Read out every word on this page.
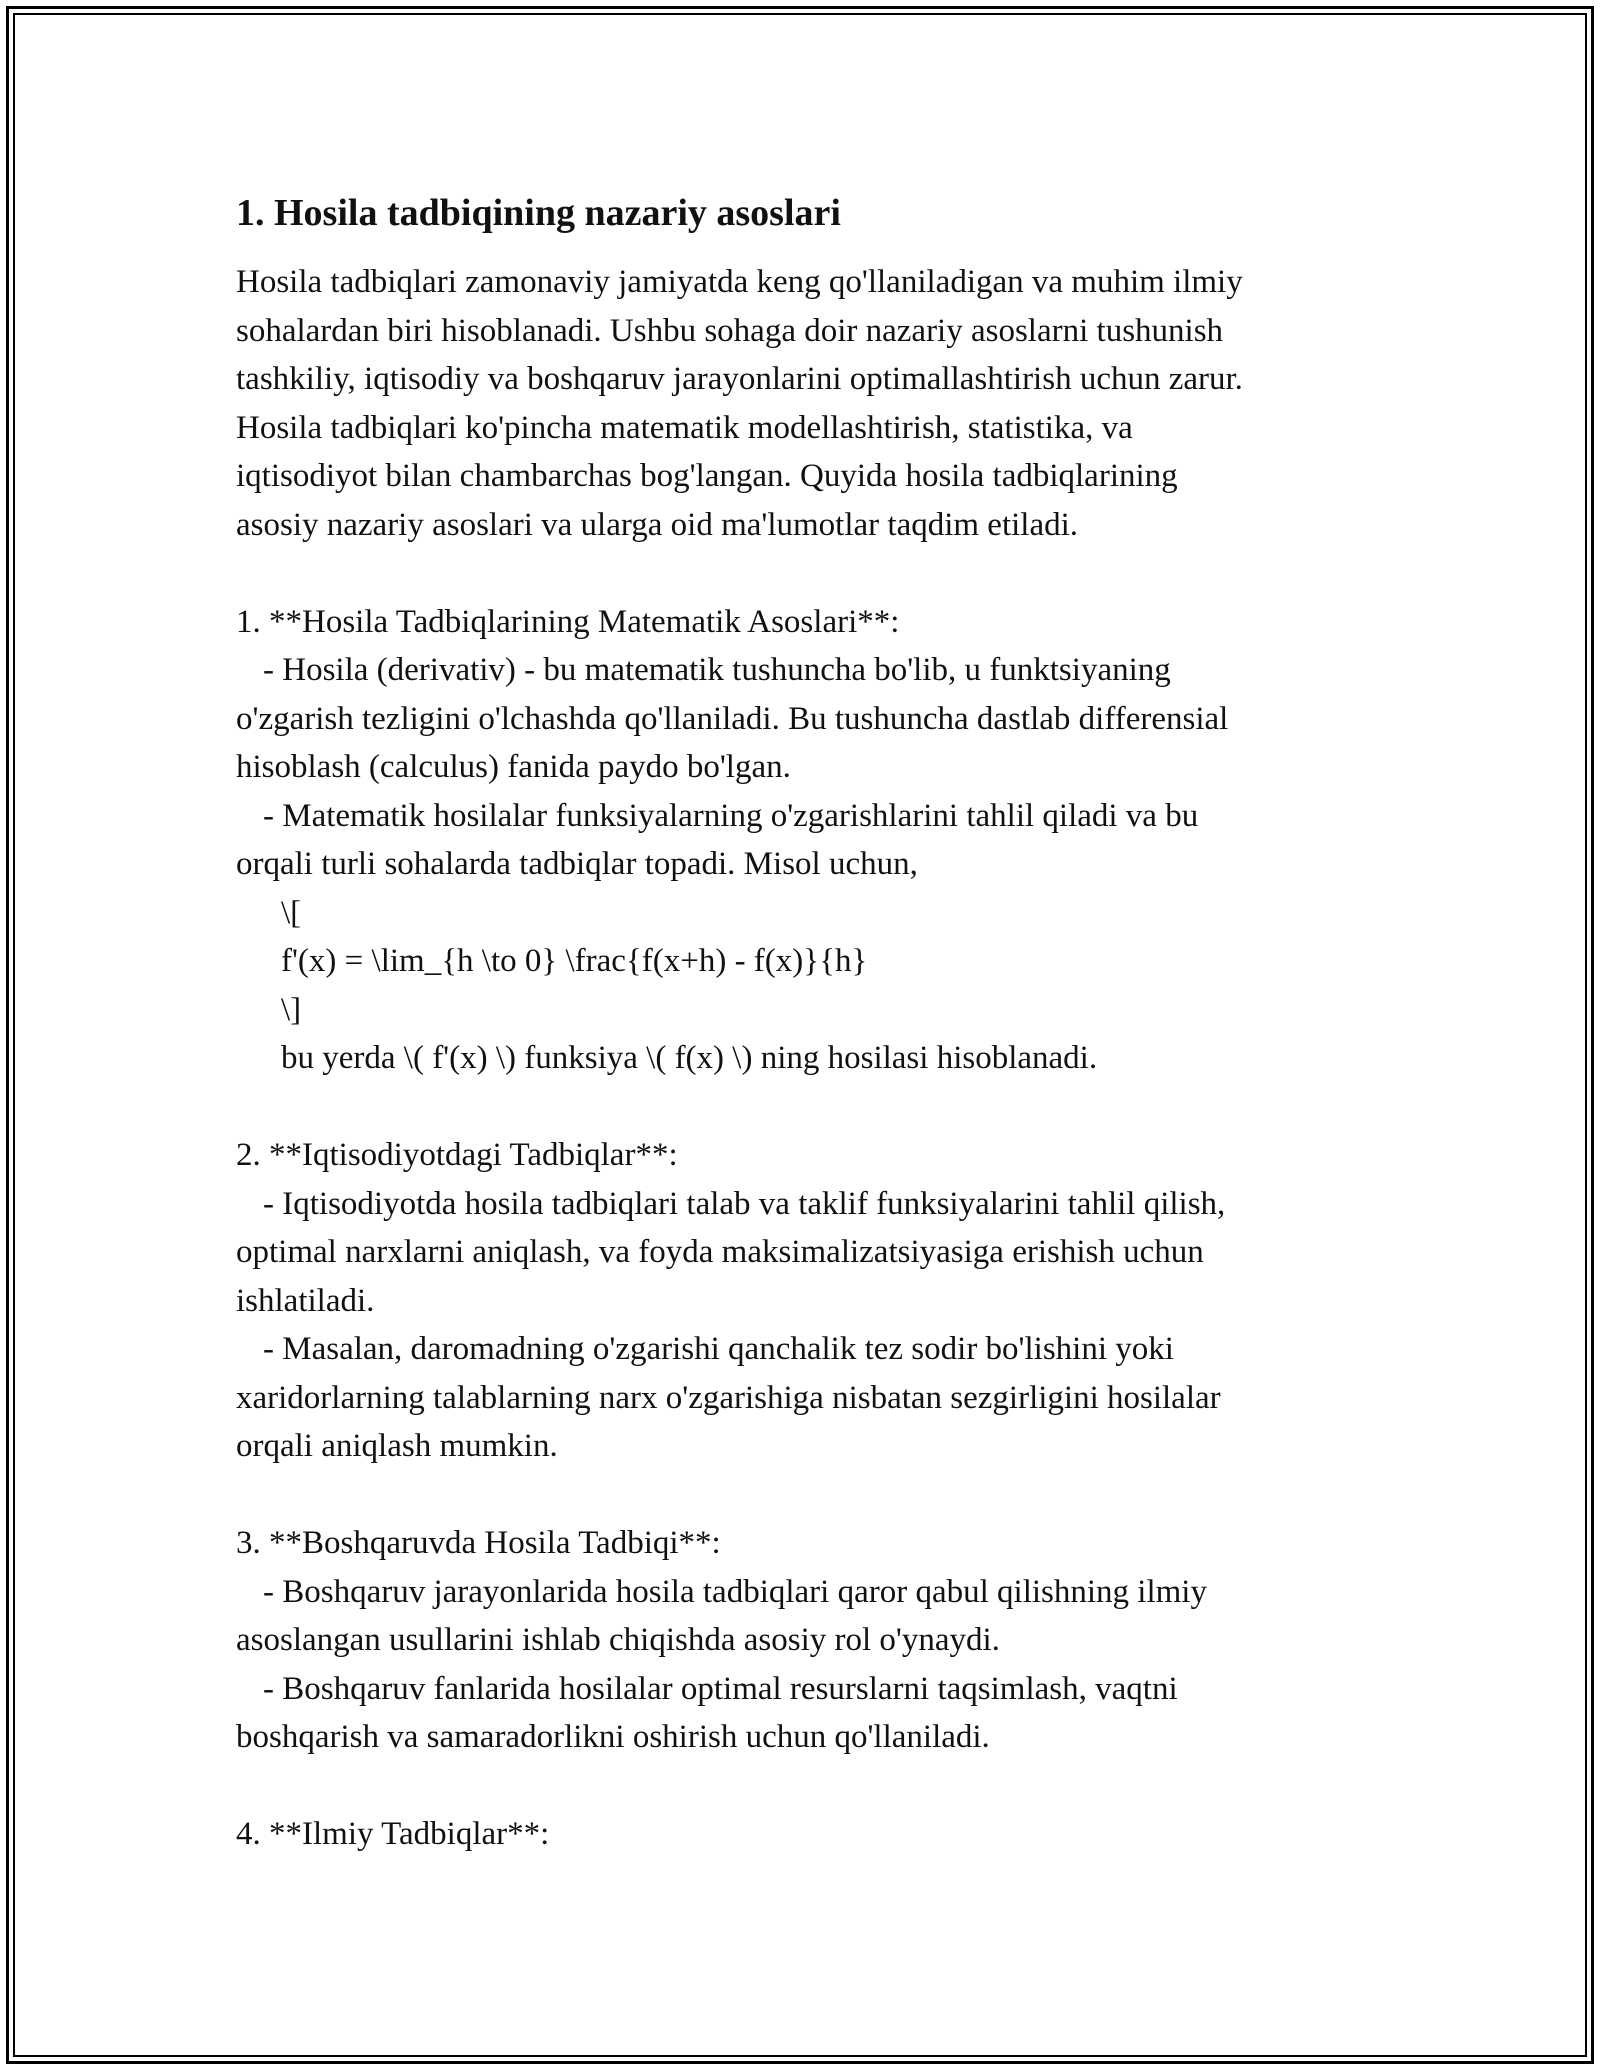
1. Hosila tadbiqining nazariy asoslari
Hosila tadbiqlari zamonaviy jamiyatda keng qo'llaniladigan va muhim ilmiy
sohalardan biri hisoblanadi. Ushbu sohaga doir nazariy asoslarni tushunish
tashkiliy, iqtisodiy va boshqaruv jarayonlarini optimallashtirish uchun zarur.
Hosila tadbiqlari ko'pincha matematik modellashtirish, statistika, va
iqtisodiyot bilan chambarchas bog'langan. Quyida hosila tadbiqlarining
asosiy nazariy asoslari va ularga oid ma'lumotlar taqdim etiladi.
1. **Hosila Tadbiqlarining Matematik Asoslari**:
- Hosila (derivativ) - bu matematik tushuncha bo'lib, u funktsiyaning
o'zgarish tezligini o'lchashda qo'llaniladi. Bu tushuncha dastlab differensial
hisoblash (calculus) fanida paydo bo'lgan.
- Matematik hosilalar funksiyalarning o'zgarishlarini tahlil qiladi va bu
orqali turli sohalarda tadbiqlar topadi. Misol uchun,
\[
f'(x) = \lim_{h \to 0} \frac{f(x+h) - f(x)}{h}
\]
bu yerda \( f'(x) \) funksiya \( f(x) \) ning hosilasi hisoblanadi.
2. **Iqtisodiyotdagi Tadbiqlar**:
- Iqtisodiyotda hosila tadbiqlari talab va taklif funksiyalarini tahlil qilish,
optimal narxlarni aniqlash, va foyda maksimalizatsiyasiga erishish uchun
ishlatiladi.
- Masalan, daromadning o'zgarishi qanchalik tez sodir bo'lishini yoki
xaridorlarning talablarning narx o'zgarishiga nisbatan sezgirligini hosilalar
orqali aniqlash mumkin.
3. **Boshqaruvda Hosila Tadbiqi**:
- Boshqaruv jarayonlarida hosila tadbiqlari qaror qabul qilishning ilmiy
asoslangan usullarini ishlab chiqishda asosiy rol o'ynaydi.
- Boshqaruv fanlarida hosilalar optimal resurslarni taqsimlash, vaqtni
boshqarish va samaradorlikni oshirish uchun qo'llaniladi.
4. **Ilmiy Tadbiqlar**:
